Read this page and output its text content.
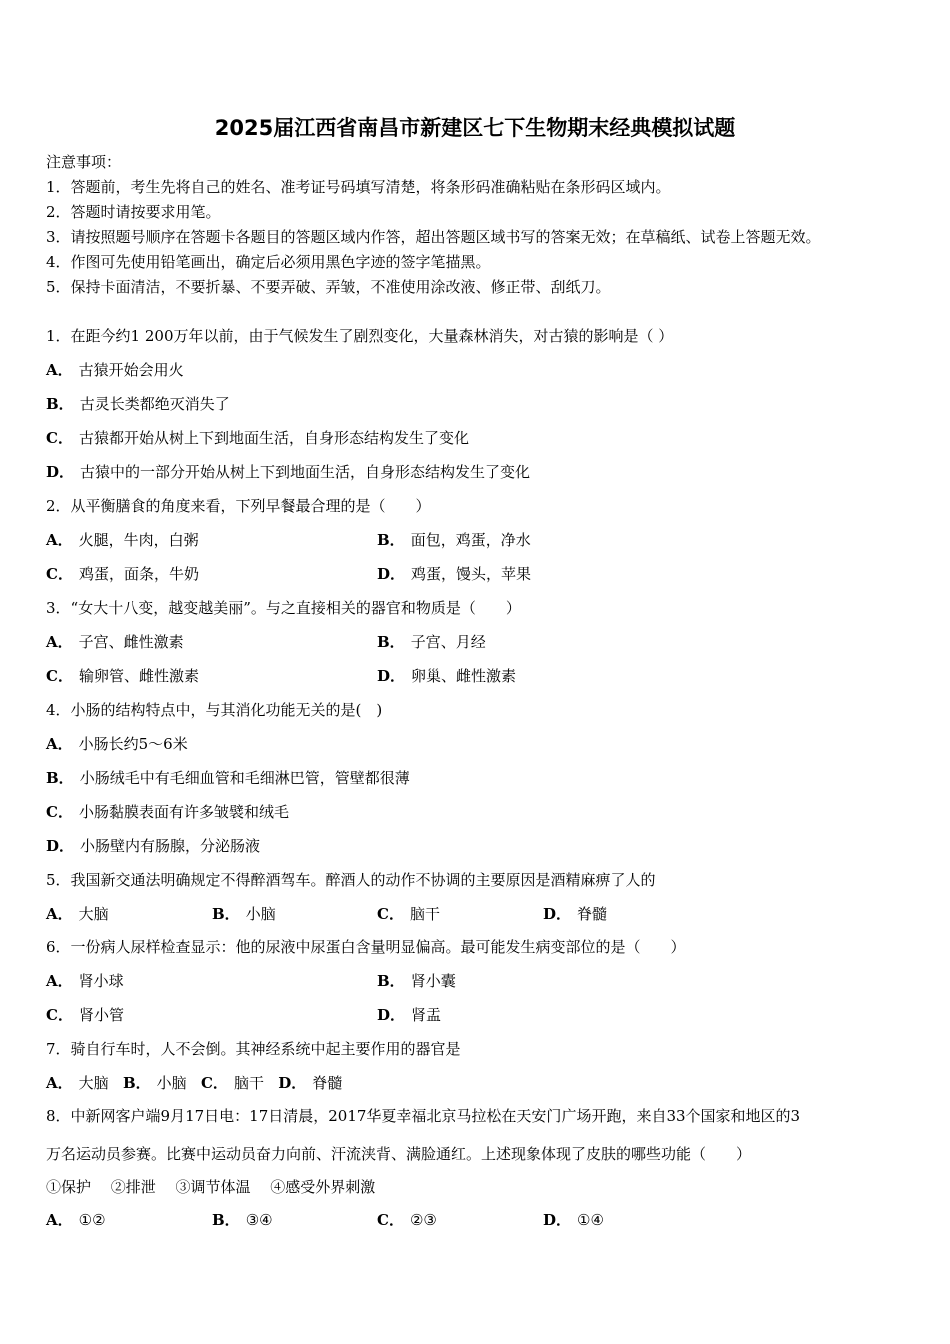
2025届江西省南昌市新建区七下生物期末经典模拟试题
注意事项：
1．答题前，考生先将自己的姓名、准考证号码填写清楚，将条形码准确粘贴在条形码区域内。
2．答题时请按要求用笔。
3．请按照题号顺序在答题卡各题目的答题区域内作答，超出答题区域书写的答案无效；在草稿纸、试卷上答题无效。
4．作图可先使用铅笔画出，确定后必须用黑色字迹的签字笔描黑。
5．保持卡面清洁，不要折暴、不要弄破、弄皱，不准使用涂改液、修正带、刮纸刀。
1．在距今约1 200万年以前，由于气候发生了剧烈变化，大量森林消失，对古猿的影响是（ ）
A． 古猿开始会用火
B． 古灵长类都绝灭消失了
C． 古猿都开始从树上下到地面生活，自身形态结构发生了变化
D． 古猿中的一部分开始从树上下到地面生活，自身形态结构发生了变化
2．从平衡膳食的角度来看，下列早餐最合理的是（　　）
A． 火腿，牛肉，白粥	B． 面包，鸡蛋，净水
C． 鸡蛋，面条，牛奶	D． 鸡蛋，馒头，苹果
3．“女大十八变，越变越美丽”。与之直接相关的器官和物质是（　　）
A． 子宫、雌性激素	B． 子宫、月经
C． 输卵管、雌性激素	D． 卵巢、雌性激素
4．小肠的结构特点中，与其消化功能无关的是(　)
A． 小肠长约5～6米
B． 小肠绒毛中有毛细血管和毛细淋巴管，管壁都很薄
C． 小肠黏膜表面有许多皱襞和绒毛
D． 小肠壁内有肠腺，分泌肠液
5．我国新交通法明确规定不得醉酒驾车。醉酒人的动作不协调的主要原因是酒精麻痹了人的
A． 大脑	B． 小脑	C． 脑干	D． 脊髓
6．一份病人尿样检查显示：他的尿液中尿蛋白含量明显偏高。最可能发生病变部位的是（　　）
A． 肾小球	B． 肾小囊
C． 肾小管	D． 肾盂
7．骑自行车时，人不会倒。其神经系统中起主要作用的器官是
A． 大脑 B． 小脑 C． 脑干 D． 脊髓
8．中新网客户端9月17日电：17日清晨，2017华夏幸福北京马拉松在天安门广场开跑，来自33个国家和地区的3
万名运动员参赛。比赛中运动员奋力向前、汗流浃背、满脸通红。上述现象体现了皮肤的哪些功能（　　）
①保护　 ②排泄　 ③调节体温　 ④感受外界刺激
A． ①②	B． ③④	C． ②③	D． ①④
